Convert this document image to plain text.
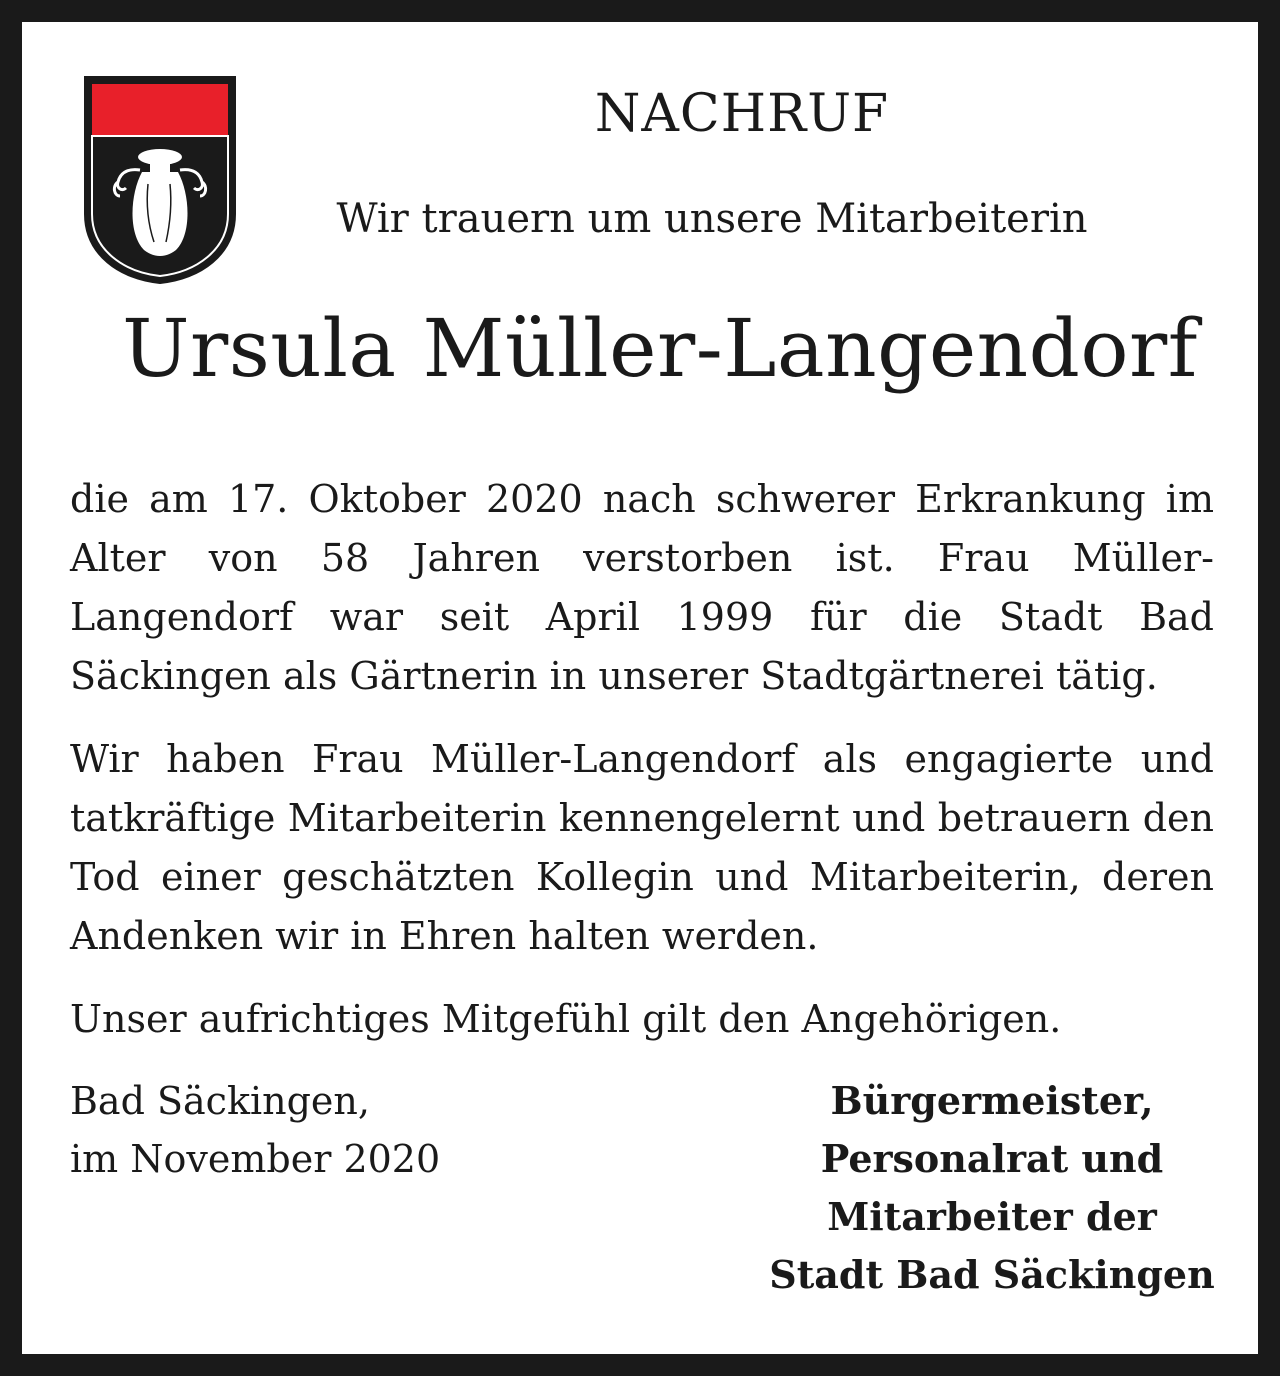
NACHRUF

Wir trauern um unsere Mitarbeiterin

Ursula Müller-Langendorf

die am 17. Oktober 2020 nach schwerer Erkrankung im Alter von 58 Jahren verstorben ist. Frau Müller-Langendorf war seit April 1999 für die Stadt Bad Säckingen als Gärtnerin in unserer Stadtgärtnerei tätig.

Wir haben Frau Müller-Langendorf als engagierte und tatkräftige Mitarbeiterin kennengelernt und betrauern den Tod einer geschätzten Kollegin und Mitarbeiterin, deren Andenken wir in Ehren halten werden.

Unser aufrichtiges Mitgefühl gilt den Angehörigen.

Bad Säckingen,
im November 2020
Bürgermeister,
Personalrat und
Mitarbeiter der
Stadt Bad Säckingen
